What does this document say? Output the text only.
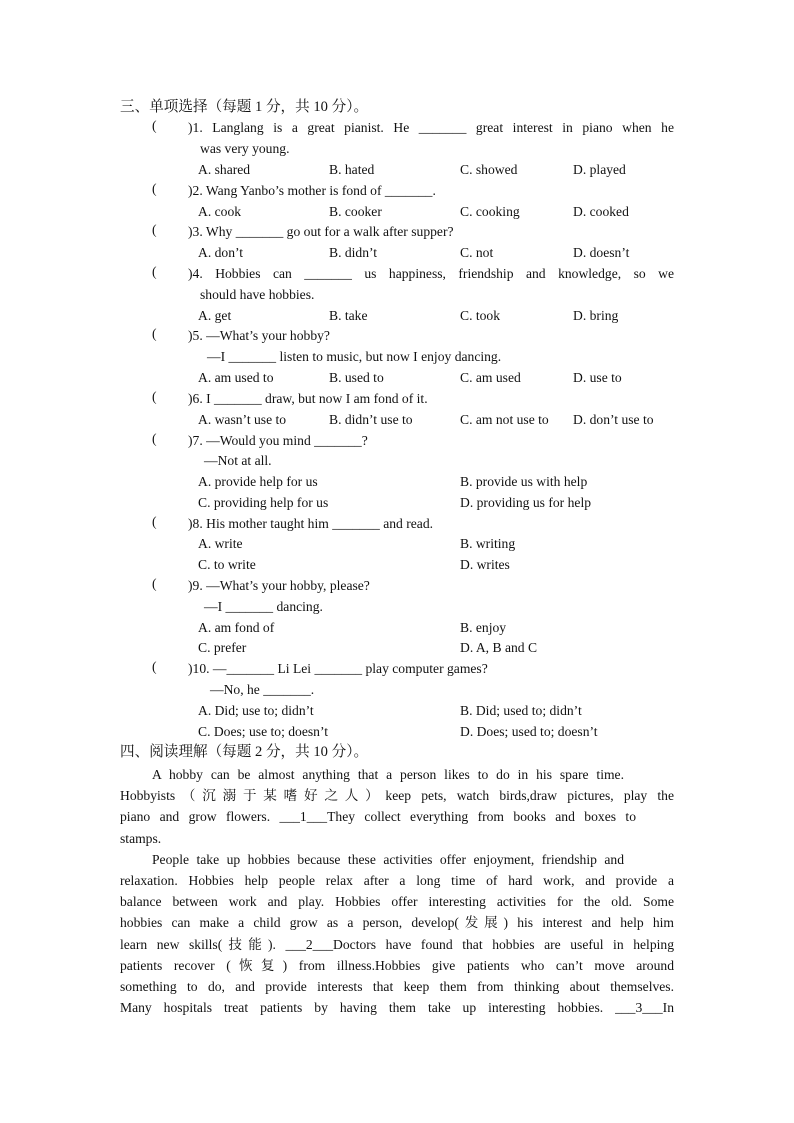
三、单项选择（每题 1 分，共 10 分）。
( )1. Langlang is a great pianist. He _______ great interest in piano when he
was very young.
A. shared	B. hated	C. showed	D. played
( )2. Wang Yanbo’s mother is fond of _______.
A. cook	B. cooker	C. cooking	D. cooked
( )3. Why _______ go out for a walk after supper?
A. don’t	B. didn’t	C. not	D. doesn’t
( )4. Hobbies can _______ us happiness, friendship and knowledge, so we
should have hobbies.
A. get	B. take	C. took	D. bring
( )5. —What’s your hobby?
—I _______ listen to music, but now I enjoy dancing.
A. am used to	B. used to	C. am used	D. use to
( )6. I _______ draw, but now I am fond of it.
A. wasn’t use to	B. didn’t use to	C. am not use to D. don’t use to
( )7. —Would you mind _______?
—Not at all.
A. provide help for us	B. provide us with help
C. providing help for us	D. providing us for help
( )8. His mother taught him _______ and read.
A. write	B. writing
C. to write	D. writes
( )9. —What’s your hobby, please?
—I _______ dancing.
A. am fond of	B. enjoy
C. prefer	D. A, B and C
( )10. —_______ Li Lei _______ play computer games?
—No, he _______.
A. Did; use to; didn’t	B. Did; used to; didn’t
C. Does; use to; doesn’t	D. Does; used to; doesn’t
四、阅读理解（每题 2 分，共 10 分）。
A hobby can be almost anything that a person likes to do in his spare time.
Hobbyists（沉溺于某嗜好之人）keep pets, watch birds,draw pictures, play the
piano and grow flowers. ___1___They collect everything from books and boxes to
stamps.
People take up hobbies because these activities offer enjoyment, friendship and
relaxation. Hobbies help people relax after a long time of hard work, and provide a
balance between work and play. Hobbies offer interesting activities for the old. Some
hobbies can make a child grow as a person, develop(发展) his interest and help him
learn new skills(技能). ___2___Doctors have found that hobbies are useful in helping
patients recover (恢复) from illness.Hobbies give patients who can’t move around
something to do, and provide interests that keep them from thinking about themselves.
Many hospitals treat patients by having them take up interesting hobbies. ___3___In
